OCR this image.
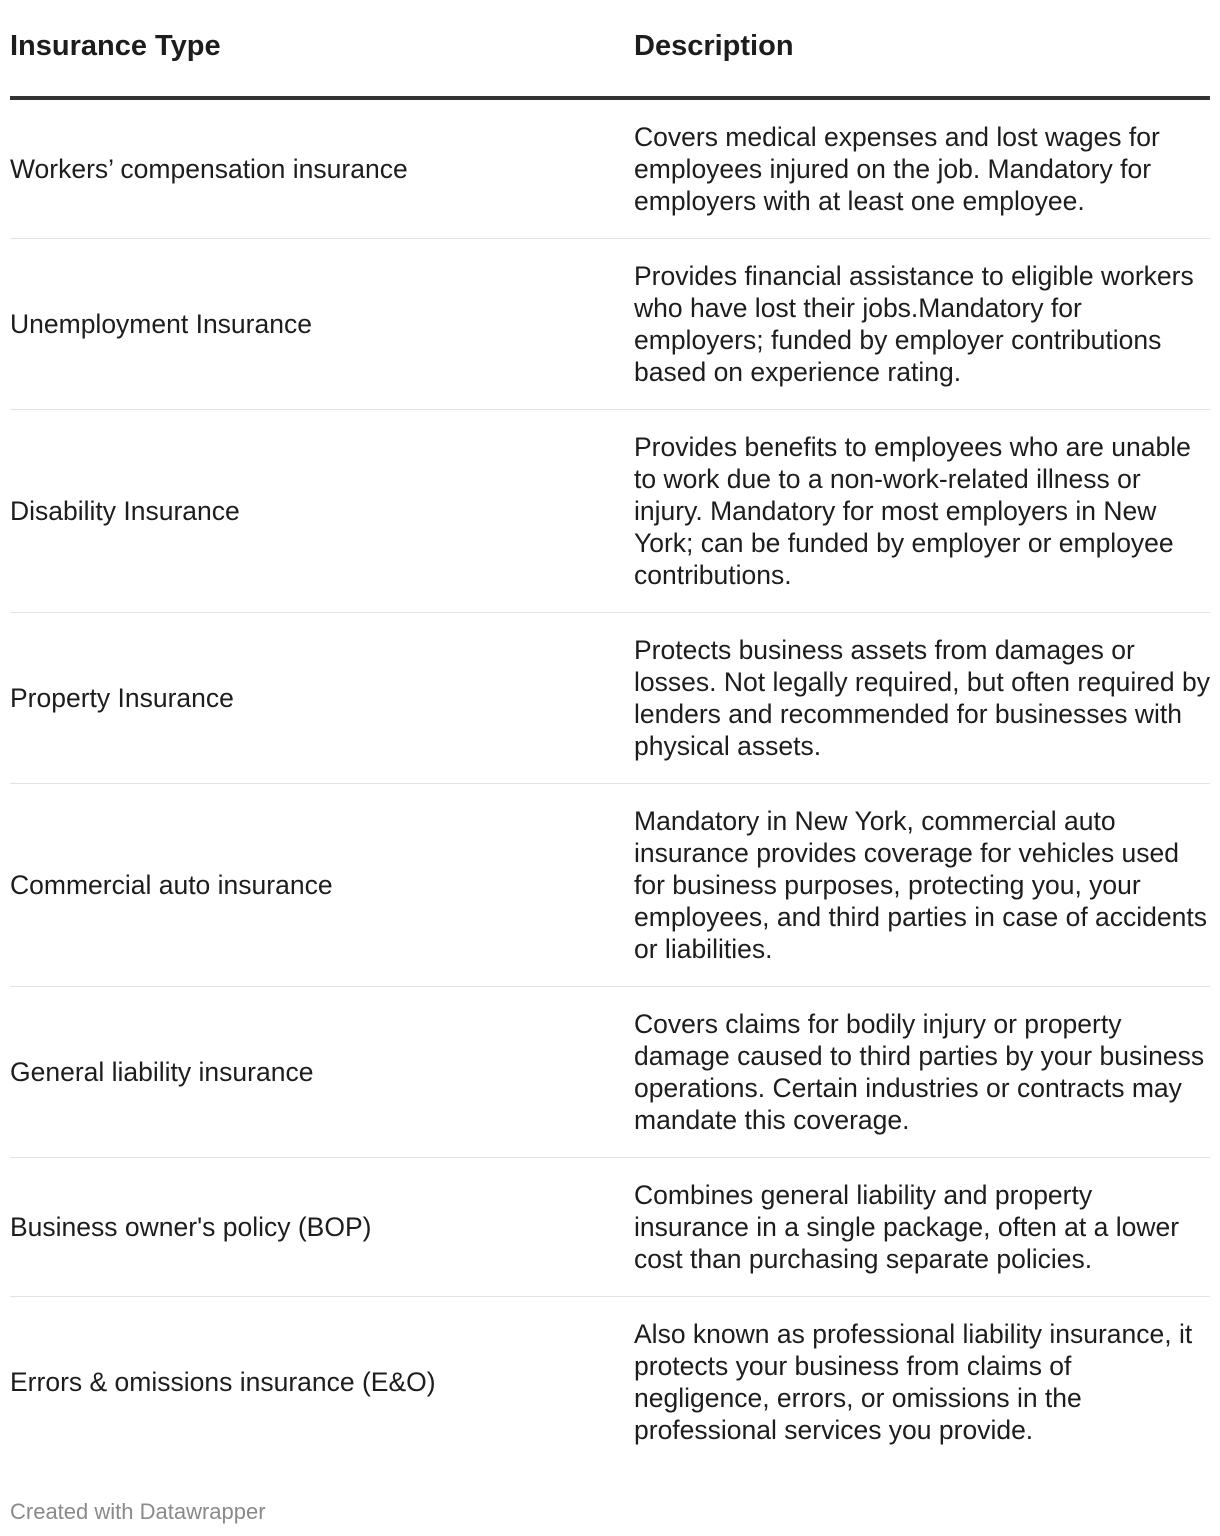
Insurance Type	Description
Workers’ compensation insurance	Covers medical expenses and lost wages for employees injured on the job. Mandatory for employers with at least one employee.
Unemployment Insurance	Provides financial assistance to eligible workers who have lost their jobs.Mandatory for employers; funded by employer contributions based on experience rating.
Disability Insurance	Provides benefits to employees who are unable to work due to a non-work-related illness or injury. Mandatory for most employers in New York; can be funded by employer or employee contributions.
Property Insurance	Protects business assets from damages or losses. Not legally required, but often required by lenders and recommended for businesses with physical assets.
Commercial auto insurance	Mandatory in New York, commercial auto insurance provides coverage for vehicles used for business purposes, protecting you, your employees, and third parties in case of accidents or liabilities.
General liability insurance	Covers claims for bodily injury or property damage caused to third parties by your business operations. Certain industries or contracts may mandate this coverage.
Business owner's policy (BOP)	Combines general liability and property insurance in a single package, often at a lower cost than purchasing separate policies.
Errors & omissions insurance (E&O)	Also known as professional liability insurance, it protects your business from claims of negligence, errors, or omissions in the professional services you provide.
Created with Datawrapper
